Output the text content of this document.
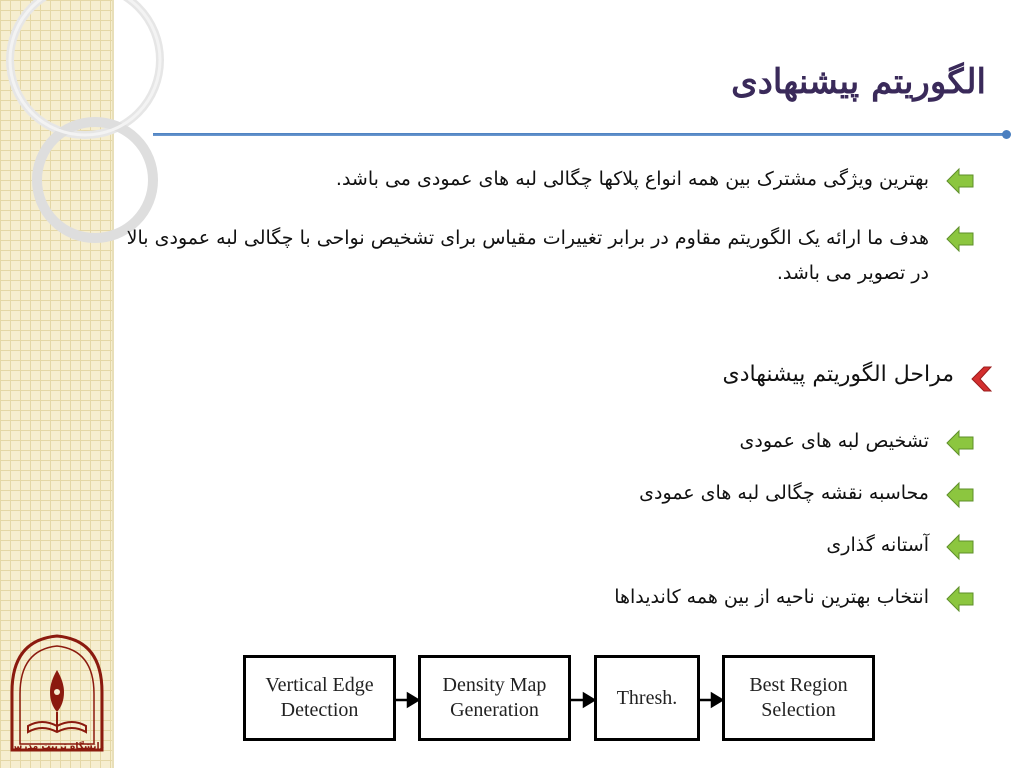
الگوریتم پیشنهادی
بهترین ویژگی مشترک بین همه انواع پلاکها چگالی لبه های عمودی می باشد.
هدف ما ارائه یک الگوریتم مقاوم در برابر تغییرات مقیاس برای تشخیص نواحی با چگالی لبه عمودی بالا در تصویر می باشد.
مراحل الگوریتم پیشنهادی
تشخیص لبه های عمودی
محاسبه نقشه چگالی لبه های عمودی
آستانه گذاری
انتخاب بهترین ناحیه از بین همه کاندیداها
Vertical Edge
Detection
Density Map
Generation
Thresh.
Best Region
Selection
دانشگاه تربیت مدرس
